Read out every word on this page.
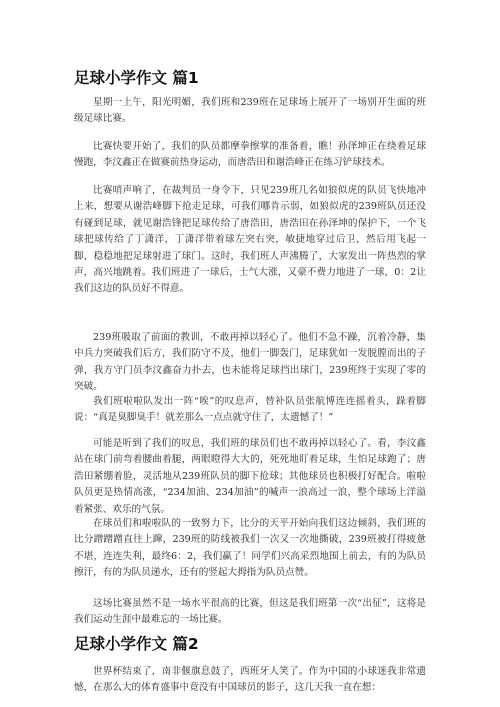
足球小学作文 篇1

星期一上午，阳光明媚，我们班和239班在足球场上展开了一场别开生面的班级足球比赛。

比赛快要开始了，我们的队员都摩拳擦掌的准备着，瞧！孙泽坤正在绕着足球慢跑，李汶鑫正在做赛前热身运动，而唐浩田和谢浩峰正在练习铲球技术。

比赛哨声响了，在裁判员一身令下，只见239班几名如狼似虎的队员飞快地冲上来，想要从谢浩峰脚下抢走足球，可我们哪肯示弱，如狼似虎的239班队员还没有碰到足球，就见谢浩锋把足球传给了唐浩田，唐浩田在孙泽坤的保护下，一个飞球把球传给了丁潇洋，丁潇洋带着球左突右突，敏捷地穿过后卫，然后用飞起一脚，稳稳地把足球射进了球门。这时，我们班人声沸腾了，大家发出一阵热烈的掌声，高兴地跳着。我们班进了一球后，士气大涨，又豪不费力地进了一球，0：2让我们这边的队员好不得意。

239班吸取了前面的教训，不敢再掉以轻心了。他们不急不躁，沉着冷静，集中兵力突破我们后方，我们防守不及，他们一脚轰门，足球犹如一发脱膛而出的子弹，我方守门员李汶鑫奋力扑去，也未能将足球挡出球门，239班终于实现了零的突破。

我们班啦啦队发出一阵“唉”的叹息声，替补队员张航博连连摇着头，跺着脚说：“真是臭脚臭手！就差那么一点点就守住了，太遗憾了！”

可能是听到了我们的叹息，我们班的球员们也不敢再掉以轻心了。看，李汶鑫站在球门前弯着腰曲着腿，两眼瞪得大大的，死死地盯着足球，生怕足球跑了；唐浩田紧绷着脸，灵活地从239班队员的脚下抢球；其他球员也积极打好配合。啦啦队员更是热情高涨，“234加油、234加油”的喊声一浪高过一浪，整个球场上洋溢着紧张、欢乐的气氛。

在球员们和啦啦队的一致努力下，比分的天平开始向我们这边倾斜，我们班的比分蹭蹭蹭直往上蹿，239班的防线被我们一次又一次地撕破，239班被打得疲惫不堪，连连失利，最终6：2，我们赢了！同学们兴高采烈地围上前去，有的为队员擦汗，有的为队员递水，还有的竖起大拇指为队员点赞。

这场比赛虽然不是一场水平很高的比赛，但这是我们班第一次“出征”，这将是我们运动生涯中最难忘的一场比赛。

足球小学作文 篇2

世界杯结束了，南非偃旗息鼓了，西班牙人笑了。作为中国的小球迷我非常遗憾，在那么大的体育盛事中竟没有中国球员的影子，这几天我一直在想：
